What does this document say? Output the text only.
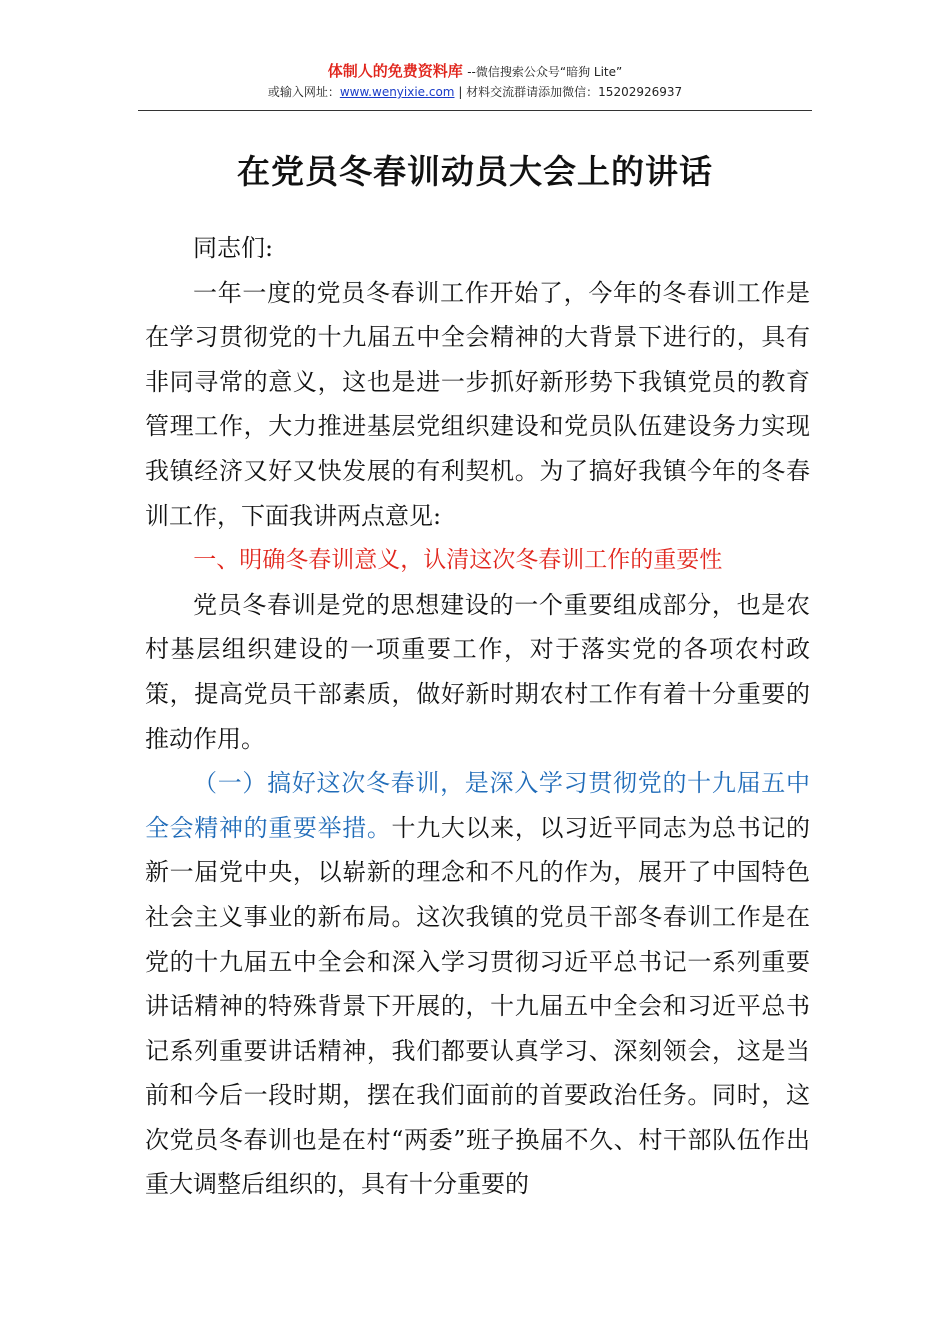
体制人的免费资料库 --微信搜索公众号“暗狗 Lite”
或输入网址：www.wenyixie.com | 材料交流群请添加微信：15202926937
在党员冬春训动员大会上的讲话

同志们:

一年一度的党员冬春训工作开始了，今年的冬春训工作是在学习贯彻党的十九届五中全会精神的大背景下进行的，具有非同寻常的意义，这也是进一步抓好新形势下我镇党员的教育管理工作，大力推进基层党组织建设和党员队伍建设务力实现我镇经济又好又快发展的有利契机。为了搞好我镇今年的冬春训工作，下面我讲两点意见:

一、明确冬春训意义，认清这次冬春训工作的重要性

党员冬春训是党的思想建设的一个重要组成部分，也是农村基层组织建设的一项重要工作，对于落实党的各项农村政策，提高党员干部素质，做好新时期农村工作有着十分重要的推动作用。

（一）搞好这次冬春训，是深入学习贯彻党的十九届五中全会精神的重要举措。十九大以来，以习近平同志为总书记的新一届党中央，以崭新的理念和不凡的作为，展开了中国特色社会主义事业的新布局。这次我镇的党员干部冬春训工作是在党的十九届五中全会和深入学习贯彻习近平总书记一系列重要讲话精神的特殊背景下开展的，十九届五中全会和习近平总书记系列重要讲话精神，我们都要认真学习、深刻领会，这是当前和今后一段时期，摆在我们面前的首要政治任务。同时，这次党员冬春训也是在村“两委”班子换届不久、村干部队伍作出重大调整后组织的，具有十分重要的
